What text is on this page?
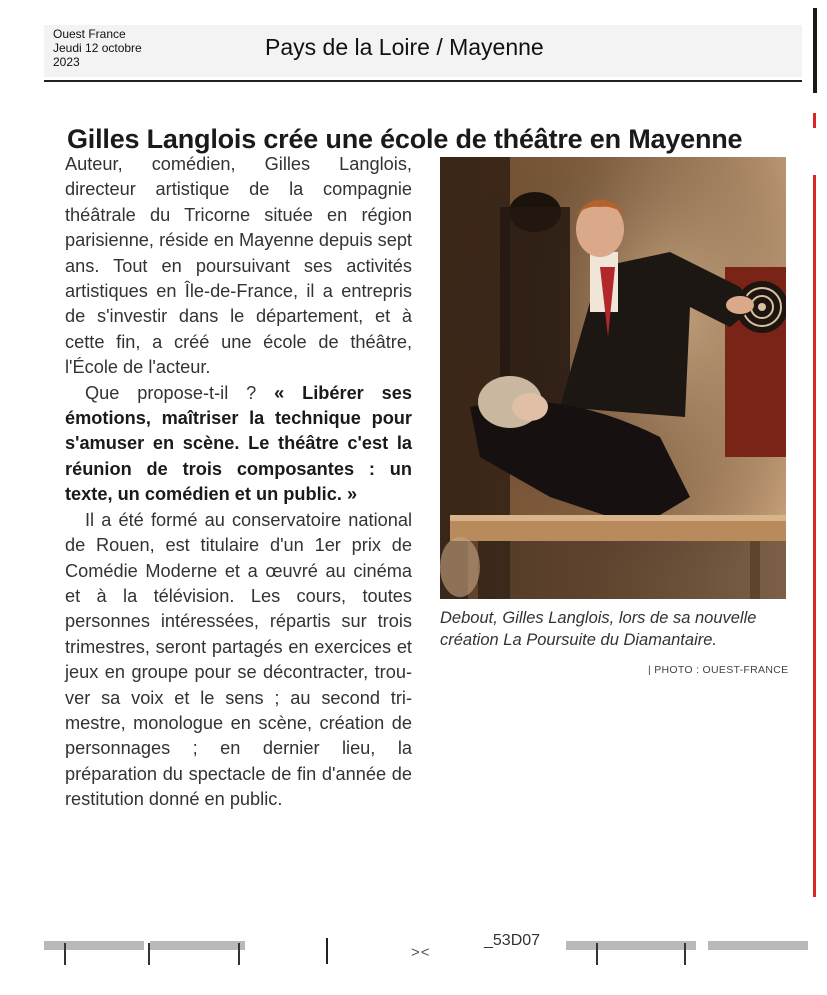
Ouest France
Jeudi 12 octobre
2023
Pays de la Loire / Mayenne
Gilles Langlois crée une école de théâtre en Mayenne

Auteur, comédien, Gilles Langlois, directeur artistique de la compagnie théâtrale du Tricorne située en région parisienne, réside en Mayenne depuis sept ans. Tout en poursuivant ses activités artistiques en Île-de-France, il a entrepris de s'investir dans le département, et à cette fin, a créé une école de théâtre, l'École de l'acteur.

Que propose-t-il ? « Libérer ses émotions, maîtriser la technique pour s'amuser en scène. Le théâtre c'est la réunion de trois composantes : un texte, un comédien et un public. »

Il a été formé au conservatoire national de Rouen, est titulaire d'un 1er prix de Comédie Moderne et a œuvré au cinéma et à la télévision. Les cours, toutes personnes intéressées, répartis sur trois trimestres, seront partagés en exercices et jeux en groupe pour se décontracter, trouver sa voix et le sens ; au second trimestre, monologue en scène, création de personnages ; en dernier lieu, la préparation du spectacle de fin d'année de restitution donné en public.

Debout, Gilles Langlois, lors de sa nouvelle création La Poursuite du Diamantaire.
| PHOTO : OUEST-FRANCE
><
_53D07
